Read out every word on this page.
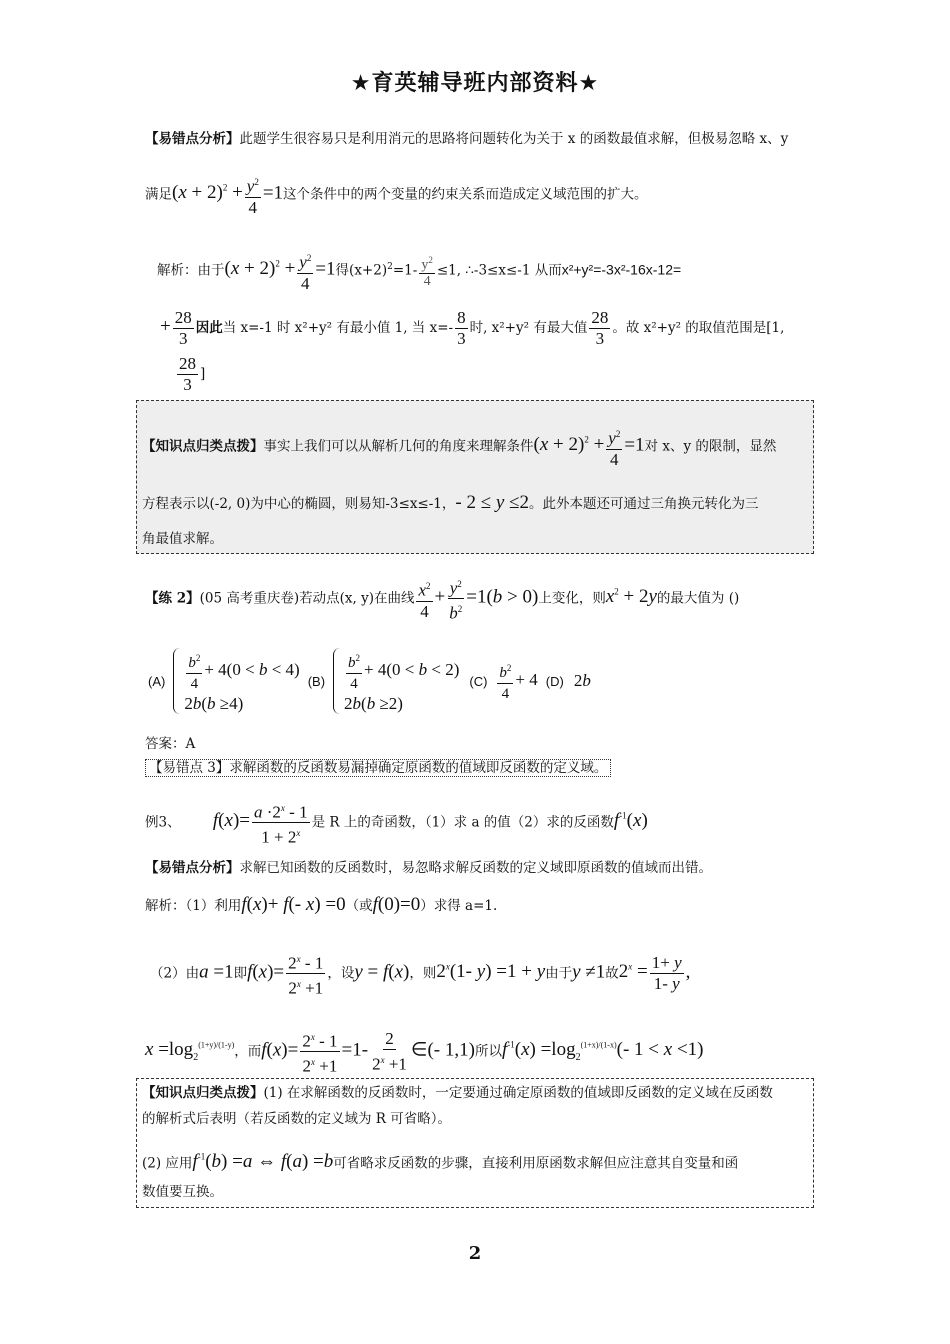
★育英辅导班内部资料★
【易错点分析】此题学生很容易只是利用消元的思路将问题转化为关于 x 的函数最值求解，但极易忽略 x、y
满足$(x + 2)^2 + \frac{y^2}{4} =1$这个条件中的两个变量的约束关系而造成定义域范围的扩大。
解析：由于$(x + 2)^2 + \frac{y^2}{4} =1$得$(x+2)^2=1- \frac{y^2}{4} \le 1$, ∴-3≤x≤-1 从而x²+y²=-3x²-16x-12=
+ $\frac{28}{3}$ 因此当 x=-1 时 x²+y² 有最小值 1, 当 $x=- \frac{8}{3}$ 时, x²+y² 有最大值 $\frac{28}{3}$ 。故 x²+y² 的取值范围是[1,
$\frac{28}{3}$ ]
【知识点归类点拨】事实上我们可以从解析几何的角度来理解条件$(x + 2)^2 + \frac{y^2}{4} =1$对 x、y 的限制，显然
方程表示以(-2, 0)为中心的椭圆，则易知-3≤x≤-1，- 2 ≤ y ≤2。此外本题还可通过三角换元转化为三
角最值求解。
【练 2】(05 高考重庆卷)若动点(x, y)在曲线 $\frac{x^2}{4} + \frac{y^2}{b^2} =1(b > 0)$上变化，则$x^2 + 2y$的最大值为 ()
$(A) \frac{b^2}{4} + 4(0 < b < 4)$
2b(b ≥4)
$(B) \frac{b^2}{4} + 4(0 < b < 2)$
2b(b ≥2)
$(C) \frac{b^2}{4} + 4$ (D) 2b
答案：A
【易错点 3】求解函数的反函数易漏掉确定原函数的值域即反函数的定义域。
例3、 $f(x)= \frac{a \cdot 2^x - 1}{1 + 2^x}$ 是 R 上的奇函数，（1）求 a 的值（2）求的反函数$f^{-1}(x)$
【易错点分析】求解已知函数的反函数时，易忽略求解反函数的定义域即原函数的值域而出错。
解析：（1）利用f(x)+ f(- x) =0（或f(0)=0）求得 a=1.
（2）由a =1即$f(x)= \frac{2^x - 1}{2^x +1}$ ，设y = f(x)，则2$^x$(1- y) =1 + y由于y ≠1故$2^x = \frac{1+ y}{1- y}$ ,
$x =\log_2^{(1+y)/(1-y)}$，而$f(x)= \frac{2^x - 1}{2^x +1} =1- \frac{2}{2^x +1}$ ∈(- 1,1)所以$f^{-1}(x) =\log_2^{(1+x)/(1-x)}(-$ 1 < x <1)
【知识点归类点拨】(1) 在求解函数的反函数时，一定要通过确定原函数的值域即反函数的定义域在反函数
的解析式后表明（若反函数的定义域为 R 可省略）。
(2) 应用$f^{-1}(b) =a$ ⇔ f(a) =b可省略求反函数的步骤，直接利用原函数求解但应注意其自变量和函
数值要互换。
2
